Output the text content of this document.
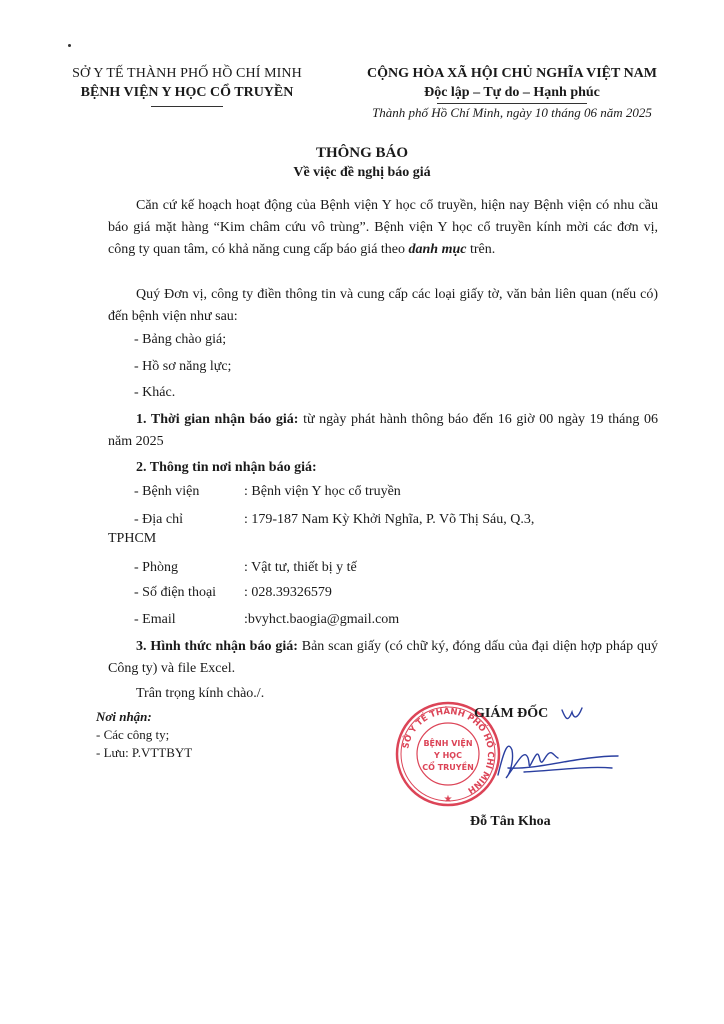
SỞ Y TẾ THÀNH PHỐ HỒ CHÍ MINH
BỆNH VIỆN Y HỌC CỔ TRUYỀN
CỘNG HÒA XÃ HỘI CHỦ NGHĨA VIỆT NAM
Độc lập – Tự do – Hạnh phúc
Thành phố Hồ Chí Minh, ngày 10 tháng 06 năm 2025
THÔNG BÁO
Về việc đề nghị báo giá

Căn cứ kế hoạch hoạt động của Bệnh viện Y học cổ truyền, hiện nay Bệnh viện có nhu cầu báo giá mặt hàng “Kim châm cứu vô trùng”. Bệnh viện Y học cổ truyền kính mời các đơn vị, công ty quan tâm, có khả năng cung cấp báo giá theo danh mục trên.

Quý Đơn vị, công ty điền thông tin và cung cấp các loại giấy tờ, văn bản liên quan (nếu có) đến bệnh viện như sau:

- Bảng chào giá;
- Hồ sơ năng lực;
- Khác.

1. Thời gian nhận báo giá: từ ngày phát hành thông báo đến 16 giờ 00 ngày 19 tháng 06 năm 2025

2. Thông tin nơi nhận báo giá:

- Bệnh viện	: Bệnh viện Y học cổ truyền
- Địa chỉ	: 179-187 Nam Kỳ Khởi Nghĩa, P. Võ Thị Sáu, Q.3,
TPHCM
- Phòng	: Vật tư, thiết bị y tế
- Số điện thoại : 028.39326579
- Email	:bvyhct.baogia@gmail.com

3. Hình thức nhận báo giá: Bản scan giấy (có chữ ký, đóng dấu của đại diện hợp pháp quý Công ty) và file Excel.

Trân trọng kính chào./.
Nơi nhận:
- Các công ty;
- Lưu: P.VTTBYT	SỞ Y TẾ THÀNH PHỐ HỒ CHÍ MINH
BỆNH VIỆN
Y HỌC
CỔ TRUYỀN
★
GIÁM ĐỐC
Đỗ Tân Khoa
